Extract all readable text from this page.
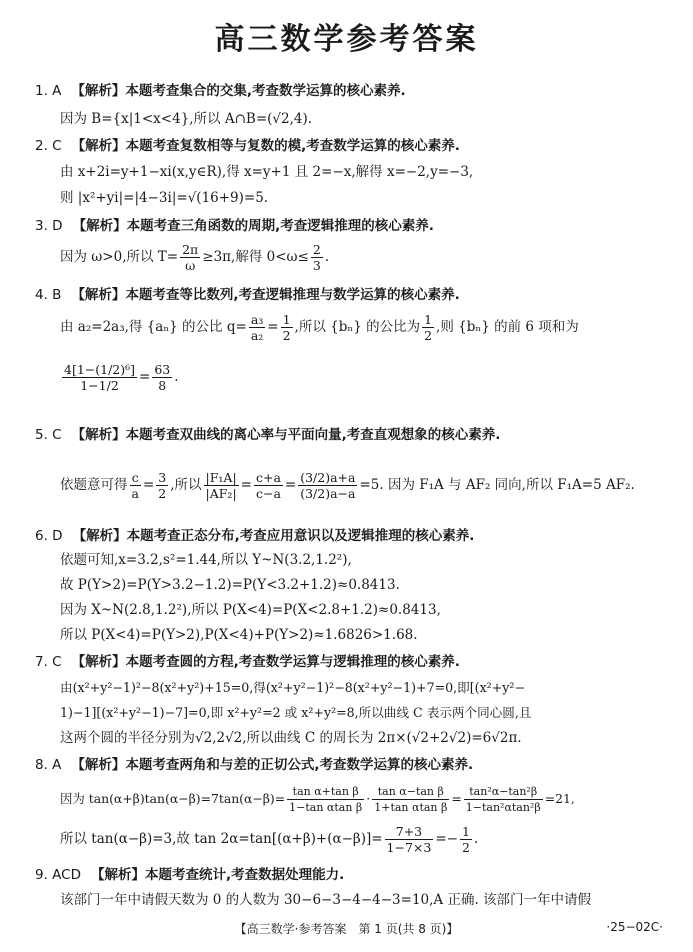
高三数学参考答案
1. A 【解析】本题考查集合的交集,考查数学运算的核心素养.
因为 B={x|1<x<4},所以 A∩B=(√2,4).
2. C 【解析】本题考查复数相等与复数的模,考查数学运算的核心素养.
由 x+2i=y+1−xi(x,y∈R),得 x=y+1 且 2=−x,解得 x=−2,y=−3,
则 |x²+yi|=|4−3i|=√(16+9)=5.
3. D 【解析】本题考查三角函数的周期,考查逻辑推理的核心素养.
因为 ω>0,所以 $T= \frac{2\pi}{\omega} \ge 3\pi$,解得 $0<\omega\le \frac{2}{3}$ .
4. B 【解析】本题考查等比数列,考查逻辑推理与数学运算的核心素养.
由 a₂=2a₃,得 {aₙ} 的公比 $q= \frac{\text{a₃}}{\text{a₂}} = \frac{1}{2}$ ,所以 {bₙ} 的公比为 $\frac{1}{2}$ ,则 {bₙ} 的前 6 项和为
$\frac{\text{4[1−(1/2)⁶]}}{1-1/2} = \frac{63}{8}$ .
5. C 【解析】本题考查双曲线的离心率与平面向量,考查直观想象的核心素养.
依题意可得 $\frac{c}{a} = \frac{3}{2}$ ,所以 $\frac{\text{|F₁A|}}{\text{|AF₂|}} = \frac{c+a}{c-a} = \frac{(3/2)a+a}{(3/2)a-a} =5$. 因为 F₁A 与 AF₂ 同向,所以 F₁A=5 AF₂.
6. D 【解析】本题考查正态分布,考查应用意识以及逻辑推理的核心素养.
依题可知,x=3.2,s²=1.44,所以 Y~N(3.2,1.2²),
故 P(Y>2)=P(Y>3.2−1.2)=P(Y<3.2+1.2)≈0.8413.
因为 X~N(2.8,1.2²),所以 P(X<4)=P(X<2.8+1.2)≈0.8413,
所以 P(X<4)=P(Y>2),P(X<4)+P(Y>2)≈1.6826>1.68.
7. C 【解析】本题考查圆的方程,考查数学运算与逻辑推理的核心素养.
由(x²+y²−1)²−8(x²+y²)+15=0,得(x²+y²−1)²−8(x²+y²−1)+7=0,即[(x²+y²−
1)−1][(x²+y²−1)−7]=0,即 x²+y²=2 或 x²+y²=8,所以曲线 C 表示两个同心圆,且
这两个圆的半径分别为√2,2√2,所以曲线 C 的周长为 2π×(√2+2√2)=6√2π.
8. A 【解析】本题考查两角和与差的正切公式,考查数学运算的核心素养.
因为 $\tan(\alpha+\beta)\tan(\alpha-\beta)=7\tan(\alpha-\beta)= \frac{\text{tan α+tan β}}{\text{1−tan αtan β}} \cdot \frac{\text{tan α−tan β}}{\text{1+tan αtan β}} = \frac{\text{tan²α−tan²β}}{\text{1−tan²αtan²β}} =21$,
所以 tan(α−β)=3,故 $\tan 2\alpha=\tan[(\alpha+\beta)+(\alpha-\beta)]= \frac{7+3}{1-7\times 3} =- \frac{1}{2}$ .
9. ACD 【解析】本题考查统计,考查数据处理能力.
该部门一年中请假天数为 0 的人数为 30−6−3−4−4−3=10,A 正确. 该部门一年中请假
【高三数学·参考答案　第 1 页(共 8 页)】	·25−02C·
